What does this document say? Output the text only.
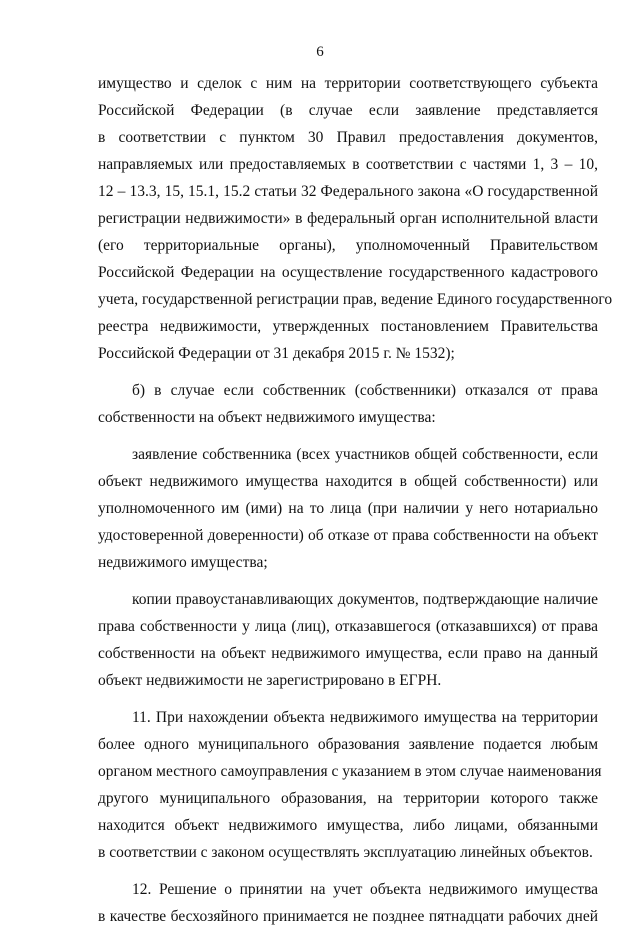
6
имущество и сделок с ним на территории соответствующего субъекта
Российской Федерации (в случае если заявление представляется
в соответствии с пунктом 30 Правил предоставления документов,
направляемых или предоставляемых в соответствии с частями 1, 3 – 10,
12 – 13.3, 15, 15.1, 15.2 статьи 32 Федерального закона «О государственной
регистрации недвижимости» в федеральный орган исполнительной власти
(его территориальные органы), уполномоченный Правительством
Российской Федерации на осуществление государственного кадастрового
учета, государственной регистрации прав, ведение Единого государственного
реестра недвижимости, утвержденных постановлением Правительства
Российской Федерации от 31 декабря 2015 г. № 1532);
б) в случае если собственник (собственники) отказался от права
собственности на объект недвижимого имущества:
заявление собственника (всех участников общей собственности, если
объект недвижимого имущества находится в общей собственности) или
уполномоченного им (ими) на то лица (при наличии у него нотариально
удостоверенной доверенности) об отказе от права собственности на объект
недвижимого имущества;
копии правоустанавливающих документов, подтверждающие наличие
права собственности у лица (лиц), отказавшегося (отказавшихся) от права
собственности на объект недвижимого имущества, если право на данный
объект недвижимости не зарегистрировано в ЕГРН.
11. При нахождении объекта недвижимого имущества на территории
более одного муниципального образования заявление подается любым
органом местного самоуправления с указанием в этом случае наименования
другого муниципального образования, на территории которого также
находится объект недвижимого имущества, либо лицами, обязанными
в соответствии с законом осуществлять эксплуатацию линейных объектов.
12. Решение о принятии на учет объекта недвижимого имущества
в качестве бесхозяйного принимается не позднее пятнадцати рабочих дней
